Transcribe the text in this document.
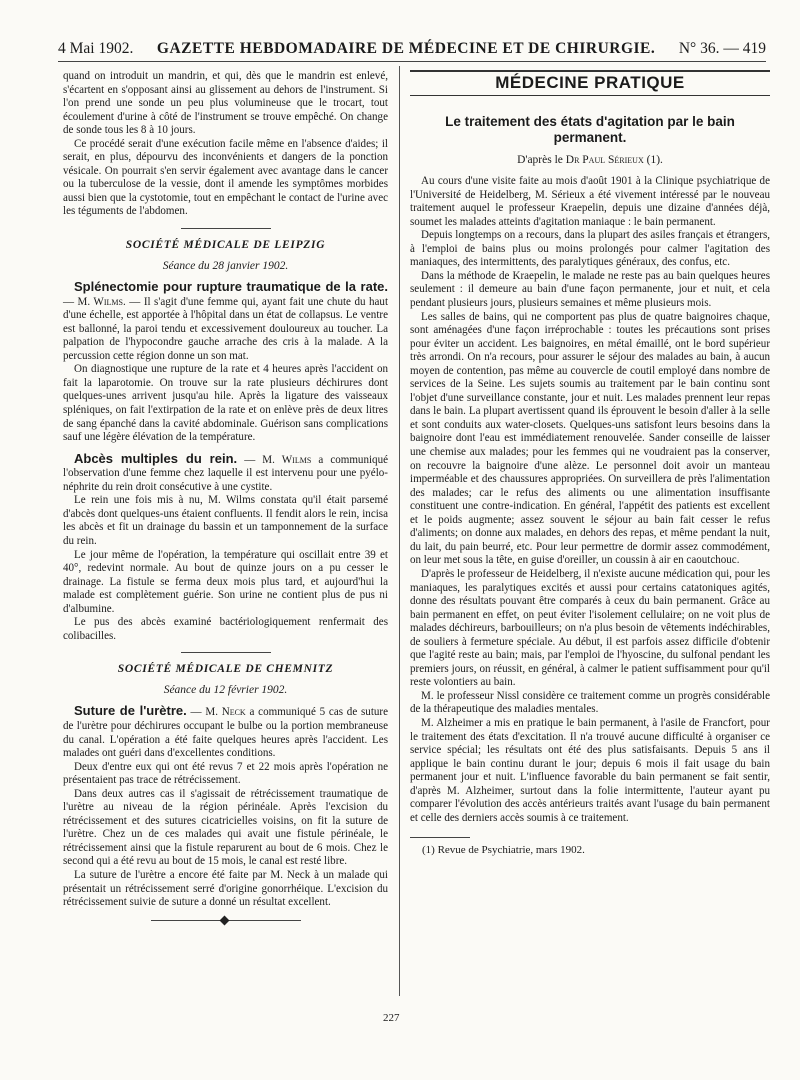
4 Mai 1902. GAZETTE HEBDOMADAIRE DE MÉDECINE ET DE CHIRURGIE. N° 36. — 419

quand on introduit un mandrin, et qui, dès que le mandrin est enlevé, s'écartent en s'opposant ainsi au glissement au dehors de l'instrument. Si l'on prend une sonde un peu plus volumineuse que le trocart, tout écoulement d'urine à côté de l'instrument se trouve empêché. On change de sonde tous les 8 à 10 jours.

Ce procédé serait d'une exécution facile même en l'absence d'aides; il serait, en plus, dépourvu des inconvénients et dangers de la ponction vésicale. On pourrait s'en servir également avec avantage dans le cancer ou la tuberculose de la vessie, dont il amende les symptômes morbides aussi bien que la cystotomie, tout en empêchant le contact de l'urine avec les téguments de l'abdomen.

SOCIÉTÉ MÉDICALE DE LEIPZIG
Séance du 28 janvier 1902.

Splénectomie pour rupture traumatique de la rate. — M. Wilms. — Il s'agit d'une femme qui, ayant fait une chute du haut d'une échelle, est apportée à l'hôpital dans un état de collapsus. Le ventre est ballonné, la paroi tendu et excessivement douloureux au toucher. La palpation de l'hypocondre gauche arrache des cris à la malade. A la percussion cette région donne un son mat.

On diagnostique une rupture de la rate et 4 heures après l'accident on fait la laparotomie. On trouve sur la rate plusieurs déchirures dont quelques-unes arrivent jusqu'au hile. Après la ligature des vaisseaux spléniques, on fait l'extirpation de la rate et on enlève près de deux litres de sang épanché dans la cavité abdominale. Guérison sans complications sauf une légère élévation de la température.

Abcès multiples du rein. — M. Wilms a communiqué l'observation d'une femme chez laquelle il est intervenu pour une pyélo-néphrite du rein droit consécutive à une cystite.

Le rein une fois mis à nu, M. Wilms constata qu'il était parsemé d'abcès dont quelques-uns étaient confluents. Il fendit alors le rein, incisa les abcès et fit un drainage du bassin et un tamponnement de la surface du rein.

Le jour même de l'opération, la température qui oscillait entre 39 et 40°, redevint normale. Au bout de quinze jours on a pu cesser le drainage. La fistule se ferma deux mois plus tard, et aujourd'hui la malade est complètement guérie. Son urine ne contient plus de pus ni d'albumine.

Le pus des abcès examiné bactériologiquement renfermait des colibacilles.

SOCIÉTÉ MÉDICALE DE CHEMNITZ
Séance du 12 février 1902.

Suture de l'urètre. — M. Neck a communiqué 5 cas de suture de l'urètre pour déchirures occupant le bulbe ou la portion membraneuse du canal. L'opération a été faite quelques heures après l'accident. Les malades ont guéri dans d'excellentes conditions.

Deux d'entre eux qui ont été revus 7 et 22 mois après l'opération ne présentaient pas trace de rétrécissement.

Dans deux autres cas il s'agissait de rétrécissement traumatique de l'urètre au niveau de la région périnéale. Après l'excision du rétrécissement et des sutures cicatricielles voisins, on fit la suture de l'urètre. Chez un de ces malades qui avait une fistule périnéale, le rétrécissement ainsi que la fistule reparurent au bout de 6 mois. Chez le second qui a été revu au bout de 15 mois, le canal est resté libre.

La suture de l'urètre a encore été faite par M. Neck à un malade qui présentait un rétrécissement serré d'origine gonorrhéique. L'excision du rétrécissement suivie de suture a donné un résultat excellent.

MÉDECINE PRATIQUE
Le traitement des états d'agitation par le bain permanent.
D'après le Dr Paul Sérieux (1).

Au cours d'une visite faite au mois d'août 1901 à la Clinique psychiatrique de l'Université de Heidelberg, M. Sérieux a été vivement intéressé par le nouveau traitement auquel le professeur Kraepelin, depuis une dizaine d'années déjà, soumet les malades atteints d'agitation maniaque : le bain permanent.

Depuis longtemps on a recours, dans la plupart des asiles français et étrangers, à l'emploi de bains plus ou moins prolongés pour calmer l'agitation des maniaques, des intermittents, des paralytiques généraux, des confus, etc.

Dans la méthode de Kraepelin, le malade ne reste pas au bain quelques heures seulement : il demeure au bain d'une façon permanente, jour et nuit, et cela pendant plusieurs jours, plusieurs semaines et même plusieurs mois.

Les salles de bains, qui ne comportent pas plus de quatre baignoires chaque, sont aménagées d'une façon irréprochable : toutes les précautions sont prises pour éviter un accident. Les baignoires, en métal émaillé, ont le bord supérieur très arrondi. On n'a recours, pour assurer le séjour des malades au bain, à aucun moyen de contention, pas même au couvercle de coutil employé dans nombre de services de la Seine. Les sujets soumis au traitement par le bain continu sont l'objet d'une surveillance constante, jour et nuit. Les malades prennent leur repas dans le bain. La plupart avertissent quand ils éprouvent le besoin d'aller à la selle et sont conduits aux water-closets. Quelques-uns satisfont leurs besoins dans la baignoire dont l'eau est immédiatement renouvelée. Sander conseille de laisser une chemise aux malades; pour les femmes qui ne voudraient pas la conserver, on recouvre la baignoire d'une alèze. Le personnel doit avoir un manteau imperméable et des chaussures appropriées. On surveillera de près l'alimentation des malades; car le refus des aliments ou une alimentation insuffisante constituent une contre-indication. En général, l'appétit des patients est excellent et le poids augmente; assez souvent le séjour au bain fait cesser le refus d'aliments; on donne aux malades, en dehors des repas, et même pendant la nuit, du lait, du pain beurré, etc. Pour leur permettre de dormir assez commodément, on leur met sous la tête, en guise d'oreiller, un coussin à air en caoutchouc.

D'après le professeur de Heidelberg, il n'existe aucune médication qui, pour les maniaques, les paralytiques excités et aussi pour certains catatoniques agités, donne des résultats pouvant être comparés à ceux du bain permanent. Grâce au bain permanent en effet, on peut éviter l'isolement cellulaire; on ne voit plus de malades déchireurs, barbouilleurs; on n'a plus besoin de vêtements indéchirables, de souliers à fermeture spéciale. Au début, il est parfois assez difficile d'obtenir que l'agité reste au bain; mais, par l'emploi de l'hyoscine, du sulfonal pendant les premiers jours, on réussit, en général, à calmer le patient suffisamment pour qu'il reste volontiers au bain.

M. le professeur Nissl considère ce traitement comme un progrès considérable de la thérapeutique des maladies mentales.

M. Alzheimer a mis en pratique le bain permanent, à l'asile de Francfort, pour le traitement des états d'excitation. Il n'a trouvé aucune difficulté à organiser ce service spécial; les résultats ont été des plus satisfaisants. Depuis 5 ans il applique le bain continu durant le jour; depuis 6 mois il fait usage du bain permanent jour et nuit. L'influence favorable du bain permanent se fait sentir, d'après M. Alzheimer, surtout dans la folie intermittente, l'auteur ayant pu comparer l'évolution des accès antérieurs traités avant l'usage du bain permanent et celle des derniers accès soumis à ce traitement.

(1) Revue de Psychiatrie, mars 1902.
227
